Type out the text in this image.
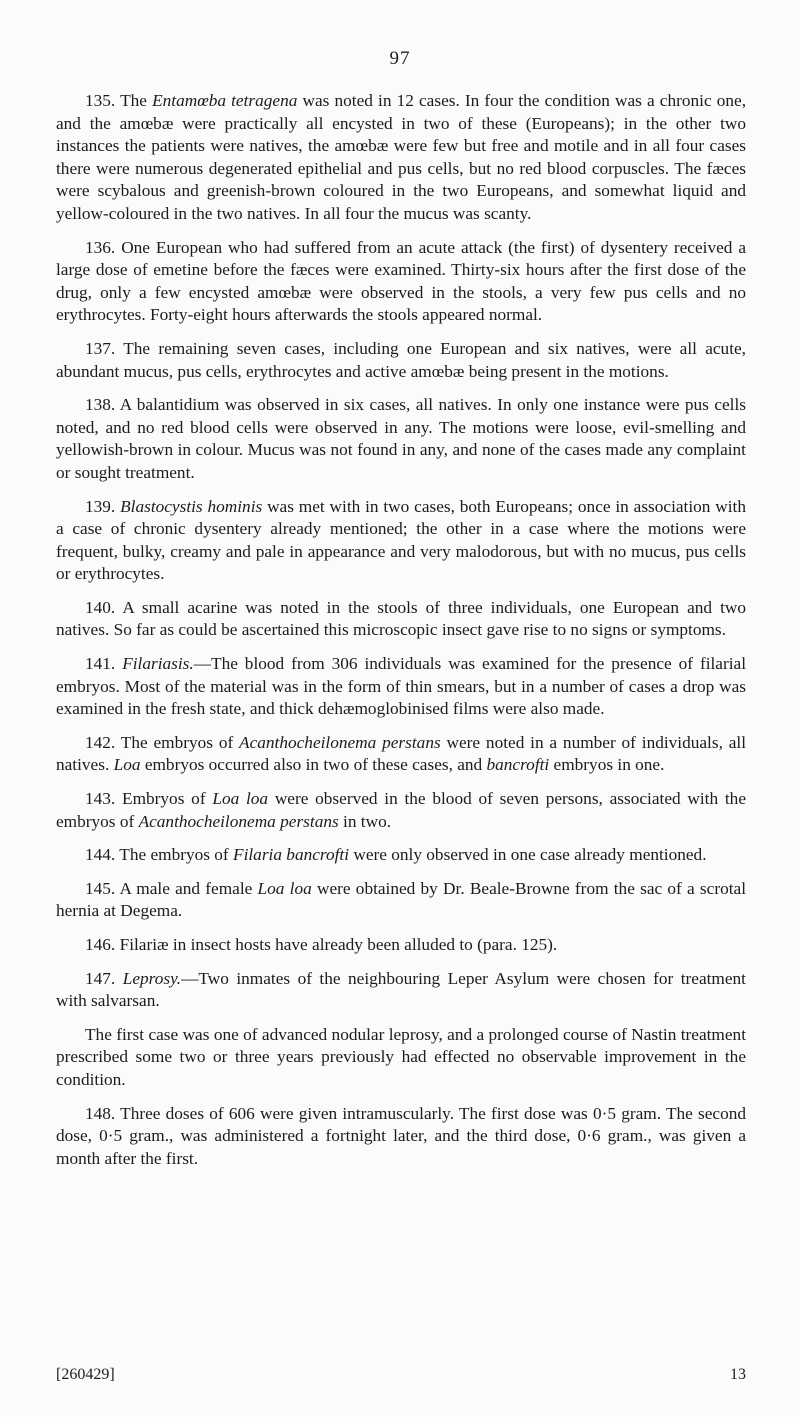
97

135. The Entamœba tetragena was noted in 12 cases. In four the condition was a chronic one, and the amœbæ were practically all encysted in two of these (Europeans); in the other two instances the patients were natives, the amœbæ were few but free and motile and in all four cases there were numerous degenerated epithelial and pus cells, but no red blood corpuscles. The fæces were scybalous and greenish-brown coloured in the two Europeans, and somewhat liquid and yellow-coloured in the two natives. In all four the mucus was scanty.

136. One European who had suffered from an acute attack (the first) of dysentery received a large dose of emetine before the fæces were examined. Thirty-six hours after the first dose of the drug, only a few encysted amœbæ were observed in the stools, a very few pus cells and no erythrocytes. Forty-eight hours afterwards the stools appeared normal.

137. The remaining seven cases, including one European and six natives, were all acute, abundant mucus, pus cells, erythrocytes and active amœbæ being present in the motions.

138. A balantidium was observed in six cases, all natives. In only one instance were pus cells noted, and no red blood cells were observed in any. The motions were loose, evil-smelling and yellowish-brown in colour. Mucus was not found in any, and none of the cases made any complaint or sought treatment.

139. Blastocystis hominis was met with in two cases, both Europeans; once in association with a case of chronic dysentery already mentioned; the other in a case where the motions were frequent, bulky, creamy and pale in appearance and very malodorous, but with no mucus, pus cells or erythrocytes.

140. A small acarine was noted in the stools of three individuals, one European and two natives. So far as could be ascertained this microscopic insect gave rise to no signs or symptoms.

141. Filariasis.—The blood from 306 individuals was examined for the presence of filarial embryos. Most of the material was in the form of thin smears, but in a number of cases a drop was examined in the fresh state, and thick dehæmoglobinised films were also made.

142. The embryos of Acanthocheilonema perstans were noted in a number of individuals, all natives. Loa embryos occurred also in two of these cases, and bancrofti embryos in one.

143. Embryos of Loa loa were observed in the blood of seven persons, associated with the embryos of Acanthocheilonema perstans in two.

144. The embryos of Filaria bancrofti were only observed in one case already mentioned.

145. A male and female Loa loa were obtained by Dr. Beale-Browne from the sac of a scrotal hernia at Degema.

146. Filariæ in insect hosts have already been alluded to (para. 125).

147. Leprosy.—Two inmates of the neighbouring Leper Asylum were chosen for treatment with salvarsan.

The first case was one of advanced nodular leprosy, and a prolonged course of Nastin treatment prescribed some two or three years previously had effected no observable improvement in the condition.

148. Three doses of 606 were given intramuscularly. The first dose was 0·5 gram. The second dose, 0·5 gram., was administered a fortnight later, and the third dose, 0·6 gram., was given a month after the first.

[260429]	13
